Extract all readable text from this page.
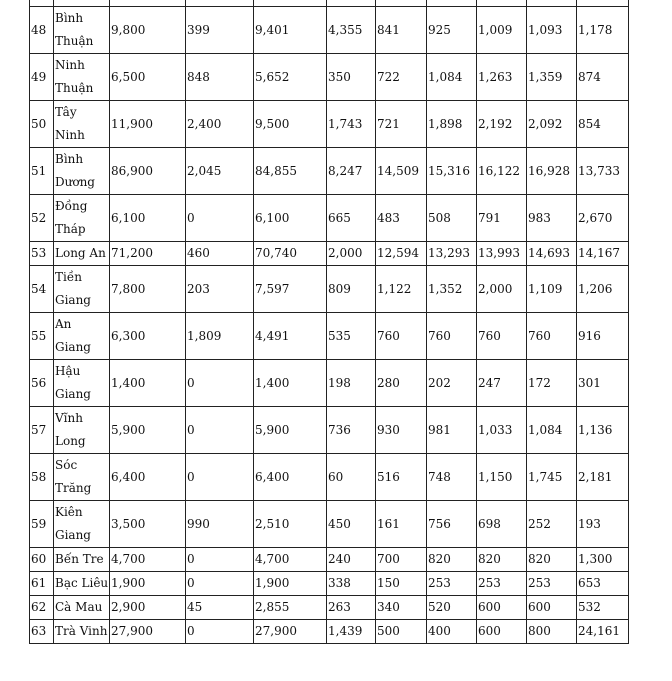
48	Bình Thuận	9,800	399	9,401	4,355	841	925	1,009	1,093	1,178
49	Ninh Thuận	6,500	848	5,652	350	722	1,084	1,263	1,359	874
50	Tây Ninh	11,900	2,400	9,500	1,743	721	1,898	2,192	2,092	854
51	Bình Dương	86,900	2,045	84,855	8,247	14,509	15,316	16,122	16,928	13,733
52	Đồng Tháp	6,100	0	6,100	665	483	508	791	983	2,670
53	Long An	71,200	460	70,740	2,000	12,594	13,293	13,993	14,693	14,167
54	Tiền Giang	7,800	203	7,597	809	1,122	1,352	2,000	1,109	1,206
55	An Giang	6,300	1,809	4,491	535	760	760	760	760	916
56	Hậu Giang	1,400	0	1,400	198	280	202	247	172	301
57	Vĩnh Long	5,900	0	5,900	736	930	981	1,033	1,084	1,136
58	Sóc Trăng	6,400	0	6,400	60	516	748	1,150	1,745	2,181
59	Kiên Giang	3,500	990	2,510	450	161	756	698	252	193
60	Bến Tre	4,700	0	4,700	240	700	820	820	820	1,300
61	Bạc Liêu	1,900	0	1,900	338	150	253	253	253	653
62	Cà Mau	2,900	45	2,855	263	340	520	600	600	532
63	Trà Vinh	27,900	0	27,900	1,439	500	400	600	800	24,161
